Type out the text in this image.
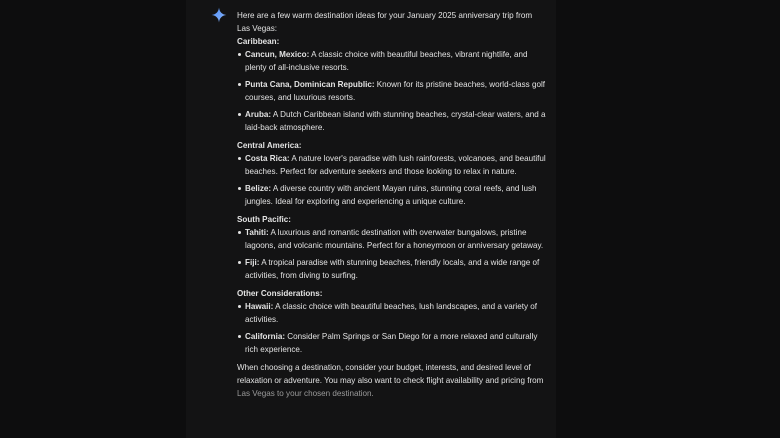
Here are a few warm destination ideas for your January 2025 anniversary trip from Las Vegas:

Caribbean:

Cancun, Mexico: A classic choice with beautiful beaches, vibrant nightlife, and plenty of all-inclusive resorts.
Punta Cana, Dominican Republic: Known for its pristine beaches, world-class golf courses, and luxurious resorts.
Aruba: A Dutch Caribbean island with stunning beaches, crystal-clear waters, and a laid-back atmosphere.

Central America:

Costa Rica: A nature lover's paradise with lush rainforests, volcanoes, and beautiful beaches. Perfect for adventure seekers and those looking to relax in nature.
Belize: A diverse country with ancient Mayan ruins, stunning coral reefs, and lush jungles. Ideal for exploring and experiencing a unique culture.

South Pacific:

Tahiti: A luxurious and romantic destination with overwater bungalows, pristine lagoons, and volcanic mountains. Perfect for a honeymoon or anniversary getaway.
Fiji: A tropical paradise with stunning beaches, friendly locals, and a wide range of activities, from diving to surfing.

Other Considerations:

Hawaii: A classic choice with beautiful beaches, lush landscapes, and a variety of activities.
California: Consider Palm Springs or San Diego for a more relaxed and culturally rich experience.

When choosing a destination, consider your budget, interests, and desired level of relaxation or adventure. You may also want to check flight availability and pricing from Las Vegas to your chosen destination.
